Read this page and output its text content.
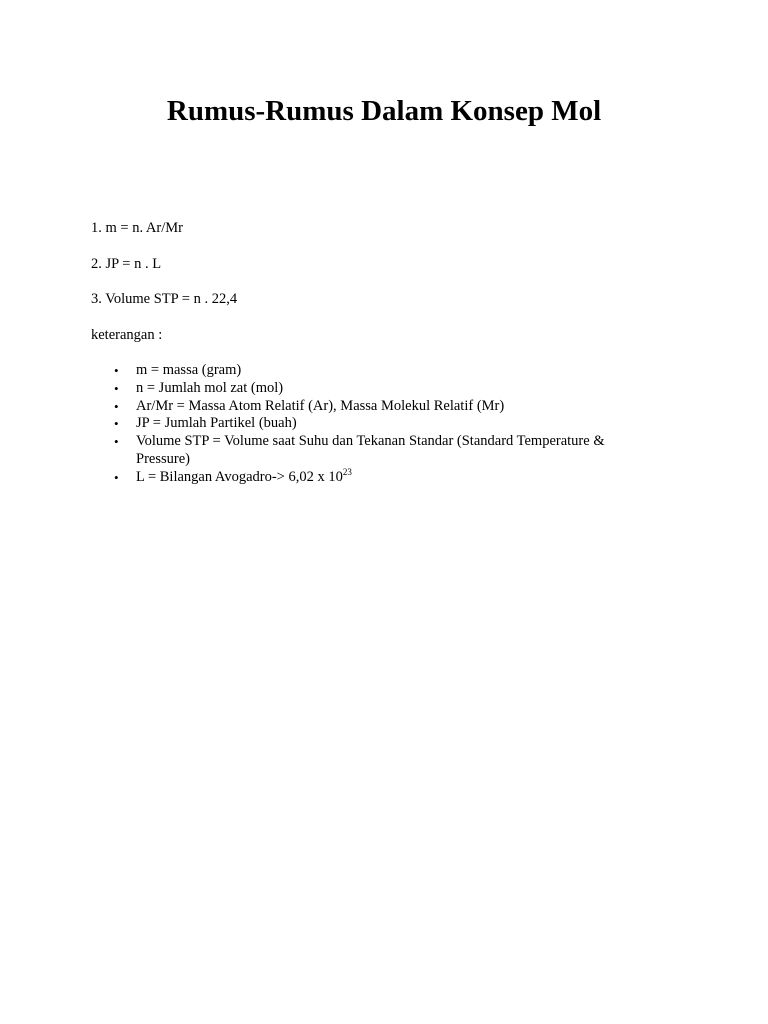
Rumus-Rumus Dalam Konsep Mol

1. m = n. Ar/Mr

2. JP = n . L

3. Volume STP = n . 22,4

keterangan :

• m = massa (gram)
• n = Jumlah mol zat (mol)
• Ar/Mr = Massa Atom Relatif (Ar), Massa Molekul Relatif (Mr)
• JP = Jumlah Partikel (buah)
• Volume STP = Volume saat Suhu dan Tekanan Standar (Standard Temperature & Pressure)
• L = Bilangan Avogadro-> 6,02 x $10^{23}$
